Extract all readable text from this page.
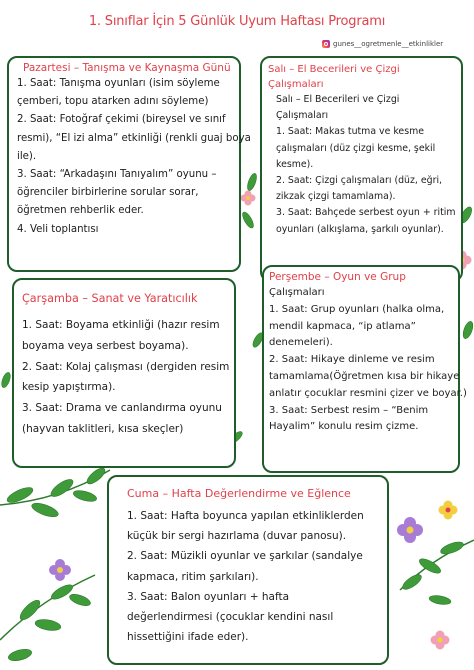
1. Sınıflar İçin 5 Günlük Uyum Haftası Programı
gunes__ogretmenle__etkinlikler
Pazartesi – Tanışma ve Kaynaşma Günü
1. Saat: Tanışma oyunları (isim söyleme
çemberi, topu atarken adını söyleme)
2. Saat: Fotoğraf çekimi (bireysel ve sınıf
resmi), “El izi alma” etkinliği (renkli guaj boya
ile).
3. Saat: “Arkadaşını Tanıyalım” oyunu –
öğrenciler birbirlerine sorular sorar,
öğretmen rehberlik eder.
4. Veli toplantısı
Salı – El Becerileri ve Çizgi Çalışmaları
Salı – El Becerileri ve Çizgi
Çalışmaları
1. Saat: Makas tutma ve kesme
çalışmaları (düz çizgi kesme, şekil
kesme).
2. Saat: Çizgi çalışmaları (düz, eğri,
zikzak çizgi tamamlama).
3. Saat: Bahçede serbest oyun + ritim
oyunları (alkışlama, şarkılı oyunlar).
Çarşamba – Sanat ve Yaratıcılık
1. Saat: Boyama etkinliği (hazır resim
boyama veya serbest boyama).
2. Saat: Kolaj çalışması (dergiden resim
kesip yapıştırma).
3. Saat: Drama ve canlandırma oyunu
(hayvan taklitleri, kısa skeçler)
Perşembe – Oyun ve Grup
Çalışmaları
1. Saat: Grup oyunları (halka olma,
mendil kapmaca, “ip atlama”
denemeleri).
2. Saat: Hikaye dinleme ve resim
tamamlama(Öğretmen kısa bir hikaye
anlatır çocuklar resmini çizer ve boyar.)
3. Saat: Serbest resim – “Benim
Hayalim” konulu resim çizme.
Cuma – Hafta Değerlendirme ve Eğlence
1. Saat: Hafta boyunca yapılan etkinliklerden
küçük bir sergi hazırlama (duvar panosu).
2. Saat: Müzikli oyunlar ve şarkılar (sandalye
kapmaca, ritim şarkıları).
3. Saat: Balon oyunları + hafta
değerlendirmesi (çocuklar kendini nasıl
hissettiğini ifade eder).
